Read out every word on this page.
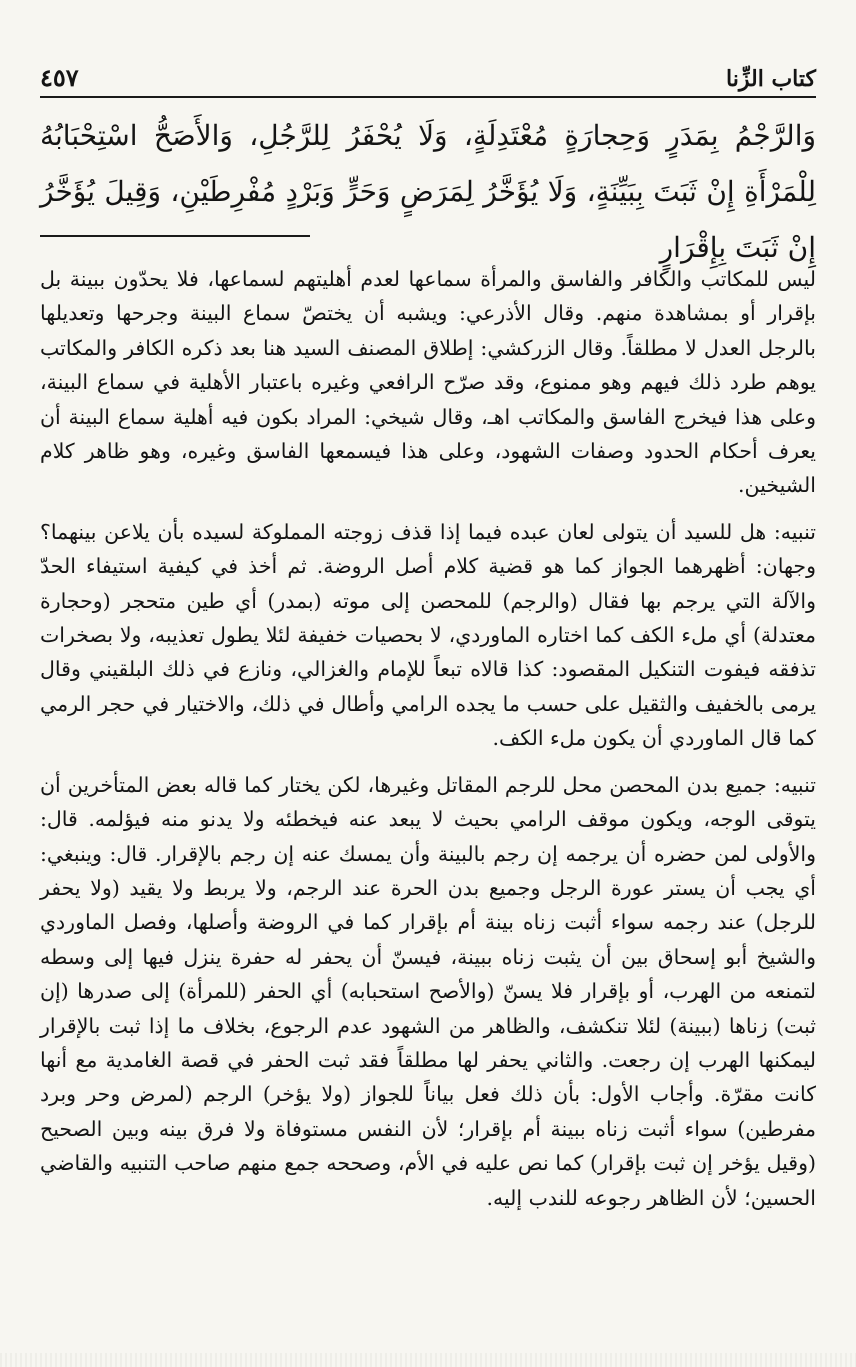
٤٥٧	كتاب الزِّنا
وَالرَّجْمُ بِمَدَرٍ وَحِجارَةٍ مُعْتَدِلَةٍ، وَلَا يُحْفَرُ لِلرَّجُلِ، وَالأَصَحُّ اسْتِحْبَابُهُ لِلْمَرْأَةِ إِنْ ثَبَتَ بِبَيِّنَةٍ، وَلَا يُؤَخَّرُ لِمَرَضٍ وَحَرٍّ وَبَرْدٍ مُفْرِطَيْنِ، وَقِيلَ يُؤَخَّرُ إِنْ ثَبَتَ بِإِقْرَارٍ

ليس للمكاتب والكافر والفاسق والمرأة سماعها لعدم أهليتهم لسماعها، فلا يحدّون ببينة بل بإقرار أو بمشاهدة منهم. وقال الأذرعي: ويشبه أن يختصّ سماع البينة وجرحها وتعديلها بالرجل العدل لا مطلقاً. وقال الزركشي: إطلاق المصنف السيد هنا بعد ذكره الكافر والمكاتب يوهم طرد ذلك فيهم وهو ممنوع، وقد صرّح الرافعي وغيره باعتبار الأهلية في سماع البينة، وعلى هذا فيخرج الفاسق والمكاتب اهـ، وقال شيخي: المراد بكون فيه أهلية سماع البينة أن يعرف أحكام الحدود وصفات الشهود، وعلى هذا فيسمعها الفاسق وغيره، وهو ظاهر كلام الشيخين.

تنبيه: هل للسيد أن يتولى لعان عبده فيما إذا قذف زوجته المملوكة لسيده بأن يلاعن بينهما؟ وجهان: أظهرهما الجواز كما هو قضية كلام أصل الروضة. ثم أخذ في كيفية استيفاء الحدّ والآلة التي يرجم بها فقال (والرجم) للمحصن إلى موته (بمدر) أي طين متحجر (وحجارة معتدلة) أي ملء الكف كما اختاره الماوردي، لا بحصيات خفيفة لئلا يطول تعذيبه، ولا بصخرات تذفقه فيفوت التنكيل المقصود: كذا قالاه تبعاً للإمام والغزالي، ونازع في ذلك البلقيني وقال يرمى بالخفيف والثقيل على حسب ما يجده الرامي وأطال في ذلك، والاختيار في حجر الرمي كما قال الماوردي أن يكون ملء الكف.

تنبيه: جميع بدن المحصن محل للرجم المقاتل وغيرها، لكن يختار كما قاله بعض المتأخرين أن يتوقى الوجه، ويكون موقف الرامي بحيث لا يبعد عنه فيخطئه ولا يدنو منه فيؤلمه. قال: والأولى لمن حضره أن يرجمه إن رجم بالبينة وأن يمسك عنه إن رجم بالإقرار. قال: وينبغي: أي يجب أن يستر عورة الرجل وجميع بدن الحرة عند الرجم، ولا يربط ولا يقيد (ولا يحفر للرجل) عند رجمه سواء أثبت زناه بينة أم بإقرار كما في الروضة وأصلها، وفصل الماوردي والشيخ أبو إسحاق بين أن يثبت زناه ببينة، فيسنّ أن يحفر له حفرة ينزل فيها إلى وسطه لتمنعه من الهرب، أو بإقرار فلا يسنّ (والأصح استحبابه) أي الحفر (للمرأة) إلى صدرها (إن ثبت) زناها (ببينة) لئلا تنكشف، والظاهر من الشهود عدم الرجوع، بخلاف ما إذا ثبت بالإقرار ليمكنها الهرب إن رجعت. والثاني يحفر لها مطلقاً فقد ثبت الحفر في قصة الغامدية مع أنها كانت مقرّة. وأجاب الأول: بأن ذلك فعل بياناً للجواز (ولا يؤخر) الرجم (لمرض وحر وبرد مفرطين) سواء أثبت زناه ببينة أم بإقرار؛ لأن النفس مستوفاة ولا فرق بينه وبين الصحيح (وقيل يؤخر إن ثبت بإقرار) كما نص عليه في الأم، وصححه جمع منهم صاحب التنبيه والقاضي الحسين؛ لأن الظاهر رجوعه للندب إليه.
